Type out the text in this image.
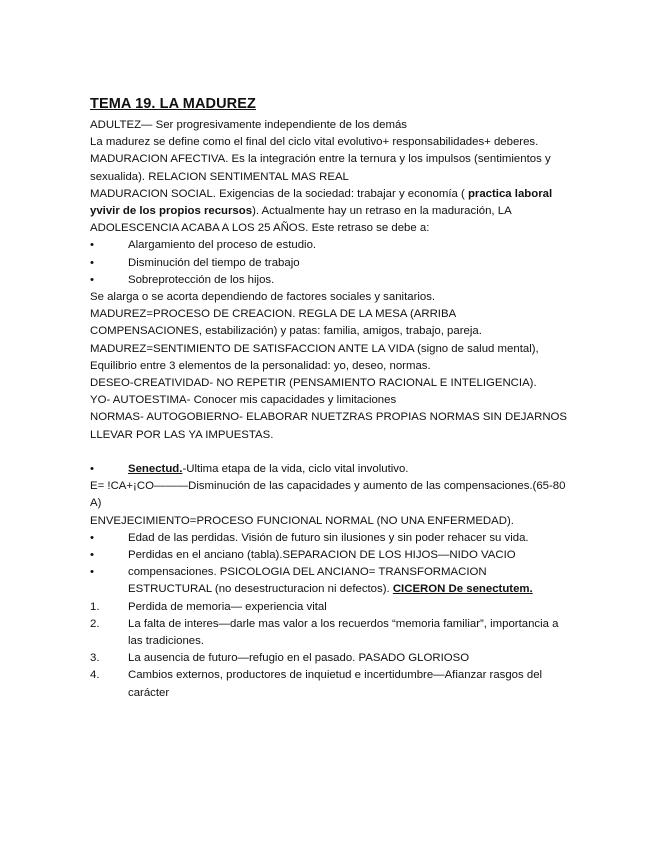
TEMA 19. LA MADUREZ

ADULTEZ— Ser progresivamente independiente de los demás

La madurez se define como el final del ciclo vital evolutivo+ responsabilidades+ deberes.

MADURACION AFECTIVA. Es la integración entre la ternura y los impulsos (sentimientos y sexualida). RELACION SENTIMENTAL MAS REAL

MADURACION SOCIAL. Exigencias de la sociedad: trabajar y economía ( practica laboral yvivir de los propios recursos). Actualmente hay un retraso en la maduración, LA ADOLESCENCIA ACABA A LOS 25 AÑOS. Este retraso se debe a:

•	Alargamiento del proceso de estudio.

•	Disminución del tiempo de trabajo

•	Sobreprotección de los hijos.

Se alarga o se acorta dependiendo de factores sociales y sanitarios.

MADUREZ=PROCESO DE CREACION. REGLA DE LA MESA (ARRIBA COMPENSACIONES, estabilización) y patas: familia, amigos, trabajo, pareja.

MADUREZ=SENTIMIENTO DE SATISFACCION ANTE LA VIDA (signo de salud mental), Equilibrio entre 3 elementos de la personalidad: yo, deseo, normas.

DESEO-CREATIVIDAD- NO REPETIR (PENSAMIENTO RACIONAL E INTELIGENCIA).

YO- AUTOESTIMA- Conocer mis capacidades y limitaciones

NORMAS- AUTOGOBIERNO- ELABORAR NUETZRAS PROPIAS NORMAS SIN DEJARNOS LLEVAR POR LAS YA IMPUESTAS.

•	Senectud.-Ultima etapa de la vida, ciclo vital involutivo.

E= !CA+¡CO———Disminución de las capacidades y aumento de las compensaciones.(65-80 A)

ENVEJECIMIENTO=PROCESO FUNCIONAL NORMAL (NO UNA ENFERMEDAD).

•	Edad de las perdidas. Visión de futuro sin ilusiones y sin poder rehacer su vida.

•	Perdidas en el anciano (tabla).SEPARACION DE LOS HIJOS—NIDO VACIO

•	compensaciones. PSICOLOGIA DEL ANCIANO= TRANSFORMACION ESTRUCTURAL (no desestructuracion ni defectos). CICERON De senectutem.

1.	Perdida de memoria— experiencia vital

2.	La falta de interes—darle mas valor a los recuerdos “memoria familiar”, importancia a las tradiciones.

3.	La ausencia de futuro—refugio en el pasado. PASADO GLORIOSO

4.	Cambios externos, productores de inquietud e incertidumbre—Afianzar rasgos del carácter
